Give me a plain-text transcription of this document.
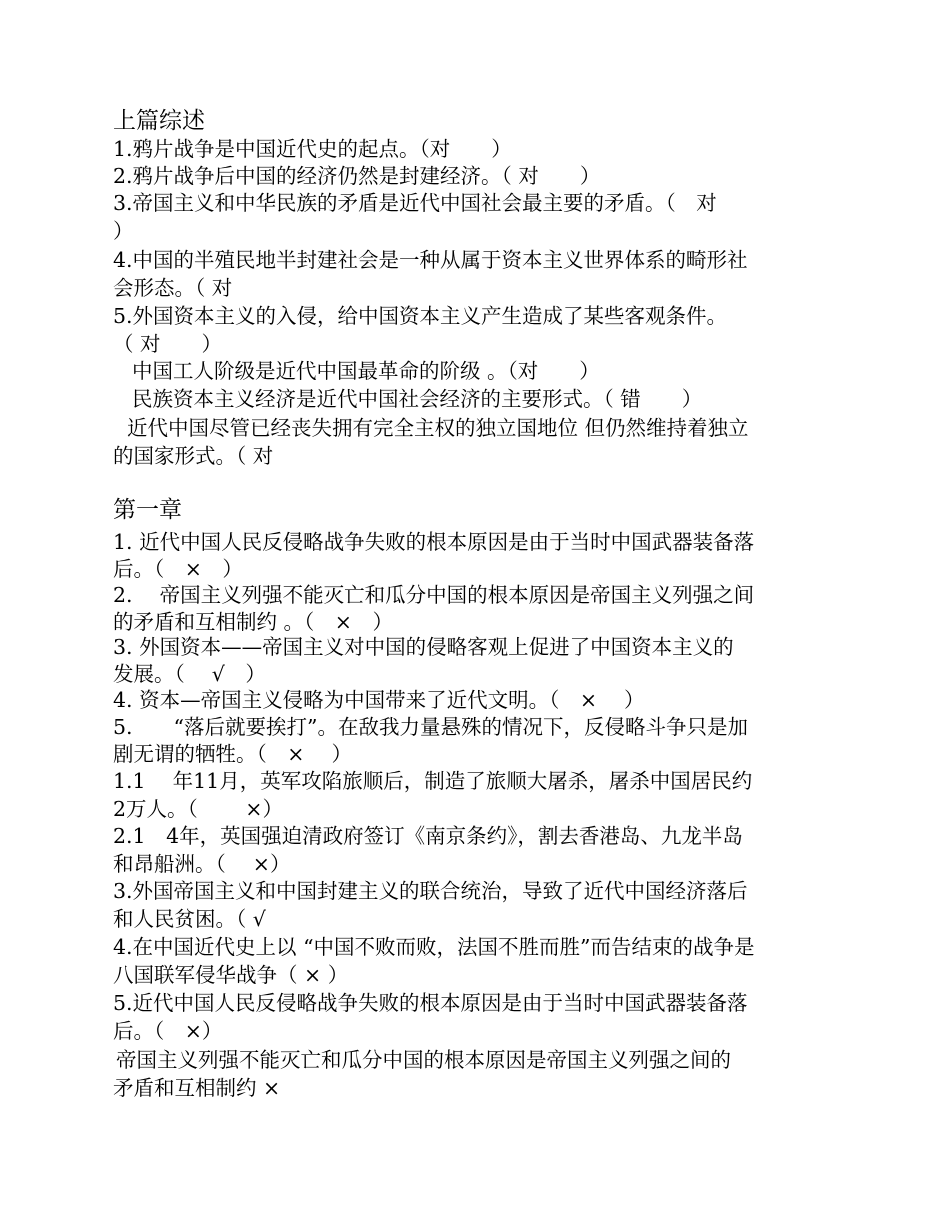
上篇综述
1.鸦片战争是中国近代史的起点。（对　　）
2.鸦片战争后中国的经济仍然是封建经济。（ 对　　）
3.帝国主义和中华民族的矛盾是近代中国社会最主要的矛盾。（　对
）
4.中国的半殖民地半封建社会是一种从属于资本主义世界体系的畸形社
会形态。（ 对
5.外国资本主义的入侵，给中国资本主义产生造成了某些客观条件。
（ 对　　）
中国工人阶级是近代中国最革命的阶级 。（对　　）
民族资本主义经济是近代中国社会经济的主要形式。（ 错　　）
近代中国尽管已经丧失拥有完全主权的独立国地位 但仍然维持着独立
的国家形式。（ 对
第一章
1. 近代中国人民反侵略战争失败的根本原因是由于当时中国武器装备落
后。（　×　）
2.　 帝国主义列强不能灭亡和瓜分中国的根本原因是帝国主义列强之间
的矛盾和互相制约 。（　×　）
3. 外国资本——帝国主义对中国的侵略客观上促进了中国资本主义的
发展。（　 √　）
4. 资本—帝国主义侵略为中国带来了近代文明。（　×　 ）
5.　　“落后就要挨打”。在敌我力量悬殊的情况下，反侵略斗争只是加
剧无谓的牺牲。（　×　 ）
1.1　 年11月，英军攻陷旅顺后，制造了旅顺大屠杀，屠杀中国居民约
2万人。（　　 ×）
2.1　4年，英国强迫清政府签订《南京条约》，割去香港岛、九龙半岛
和昂船洲。（　 ×）
3.外国帝国主义和中国封建主义的联合统治，导致了近代中国经济落后
和人民贫困。（ √
4.在中国近代史上以 “中国不败而败，法国不胜而胜”而告结束的战争是
八国联军侵华战争（ × ）
5.近代中国人民反侵略战争失败的根本原因是由于当时中国武器装备落
后。（　×）
帝国主义列强不能灭亡和瓜分中国的根本原因是帝国主义列强之间的
矛盾和互相制约 ×
